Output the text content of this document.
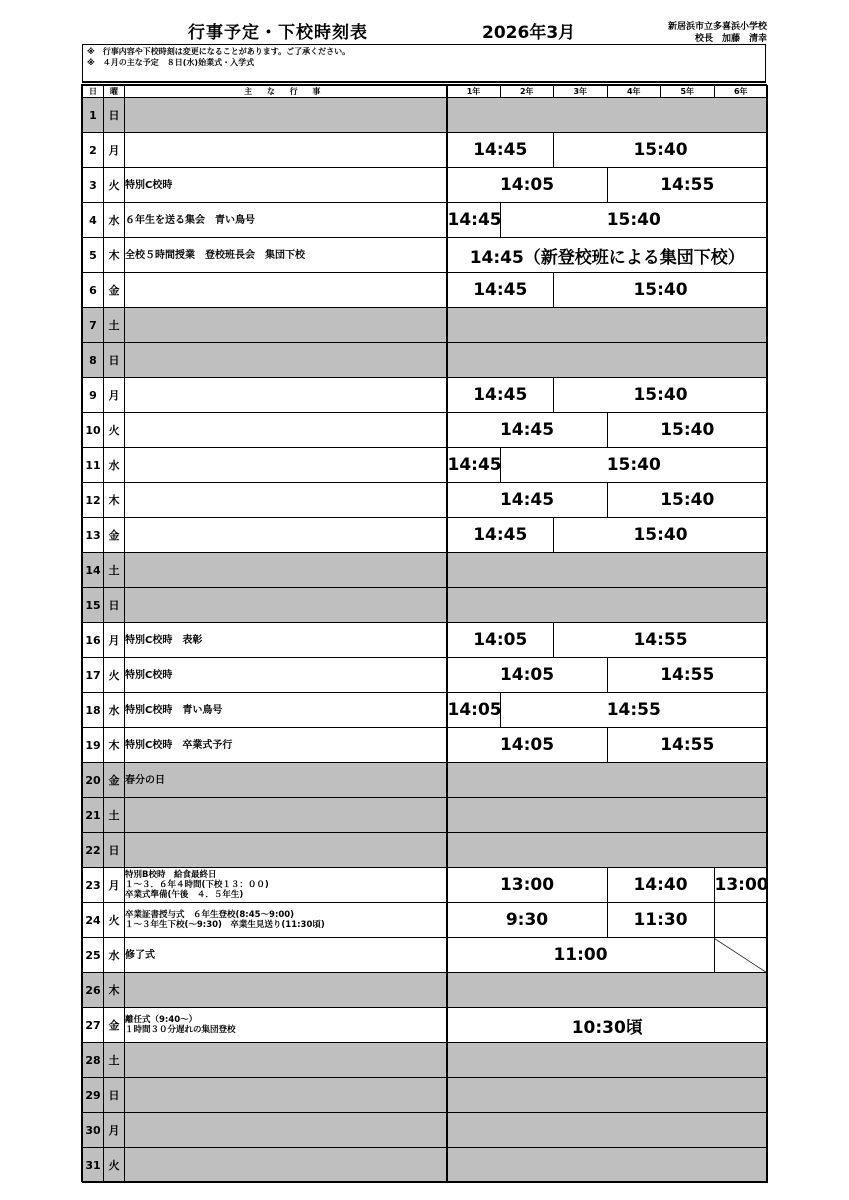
行事予定・下校時刻表	2026年3月	新居浜市立多喜浜小学校
校長　加藤　清幸
※　行事内容や下校時刻は変更になることがあります。ご了承ください。
※　４月の主な予定　８日(水)始業式・入学式
日	曜	主 な 行 事	1年	2年	3年	4年	5年	6年
1	日							
2	月		14:45		15:40			
3	火	特別C校時	14:05			14:55		
4	水	６年生を送る集会　青い鳥号	14:45	15:40				
5	木	全校５時間授業　登校班長会　集団下校	14:45（新登校班による集団下校）					
6	金		14:45		15:40			
7	土							
8	日							
9	月		14:45		15:40			
10	火		14:45			15:40		
11	水		14:45	15:40				
12	木		14:45			15:40		
13	金		14:45		15:40			
14	土							
15	日							
16	月	特別C校時　表彰	14:05		14:55			
17	火	特別C校時	14:05			14:55		
18	水	特別C校時　青い鳥号	14:05	14:55				
19	木	特別C校時　卒業式予行	14:05			14:55		
20	金	春分の日						

21	土							
22	日							
23	月	特別B校時　給食最終日
１～３．６年４時間(下校１３：００)
卒業式準備(午後　４．５年生)	13:00			14:40		13:00
24	火	卒業証書授与式　６年生登校(8:45～9:00)
１～３年生下校(～9:30)　卒業生見送り(11:30頃)	9:30			11:30		
25	水	修了式	11:00					
26	木							
27	金	離任式（9:40～）
１時間３０分遅れの集団登校	10:30頃					
28	土							
29	日							
30	月							
31	火							
